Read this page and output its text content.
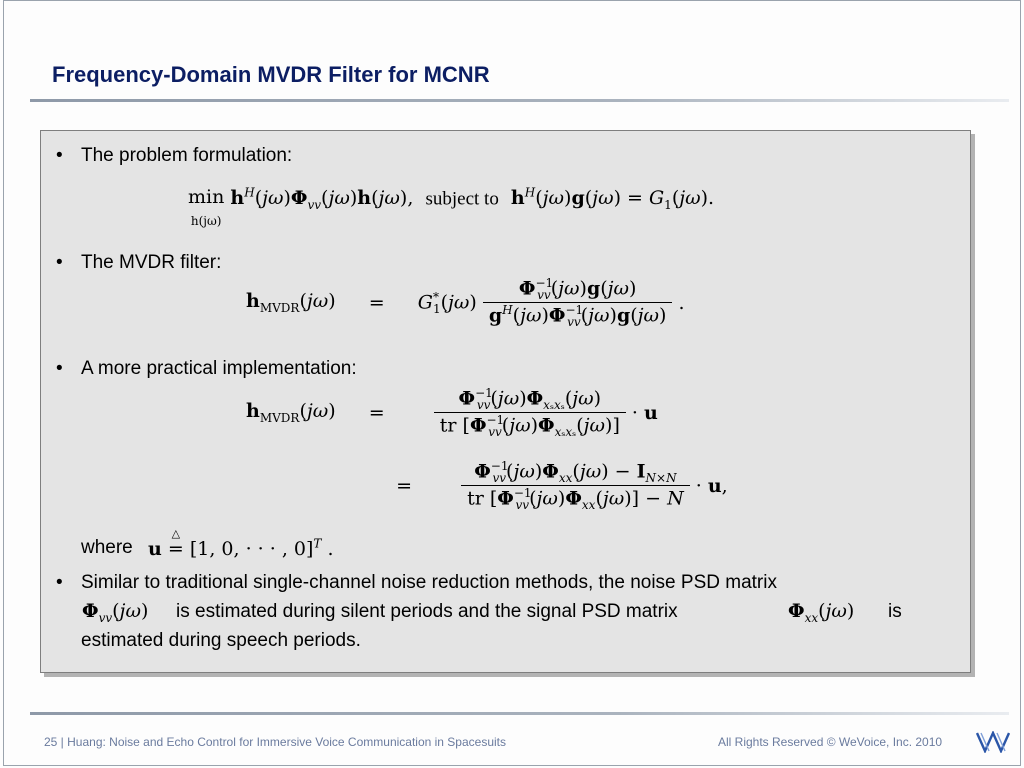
Frequency-Domain MVDR Filter for MCNR
• The problem formulation:
min
h(jω) $h^H(j\omega)\Phi_{vv}(j\omega)h(j\omega)$,  subject to $h^H(j\omega)g(j\omega) = G_1(j\omega)$.
• The MVDR filter:
$h_{MVDR}(j\omega) = G^*_1(j\omega) \frac{\Phi^{-1}_{vv}(j\omega)g(j\omega)}{g^H(j\omega)\Phi^{-1}_{vv}(j\omega)g(j\omega)}$ .
• A more practical implementation:
$h_{MVDR}(j\omega)$ =	$\frac{\Phi^{-1}_{vv}(j\omega)\Phi_{x_sx_s}(j\omega)}{tr [\Phi^{-1}_{vv}(j\omega)\Phi_{x_sx_s}(j\omega)]} \cdot u$
=	$\frac{\Phi^{-1}_{vv}(j\omega)\Phi_{xx}(j\omega) - I_{N\times N}}{tr [\Phi^{-1}_{vv}(j\omega)\Phi_{xx}(j\omega)] - N} \cdot u$,
where u
△
= [1, 0, · · · , 0]$^T$ .
• Similar to traditional single-channel noise reduction methods, the noise PSD matrix
$\Phi_{vv}(j\omega)$ is estimated during silent periods and the signal PSD matrix	$\Phi_{xx}(j\omega)$ is
estimated during speech periods.
25 | Huang: Noise and Echo Control for Immersive Voice Communication in Spacesuits	All Rights Reserved © WeVoice, Inc. 2010
